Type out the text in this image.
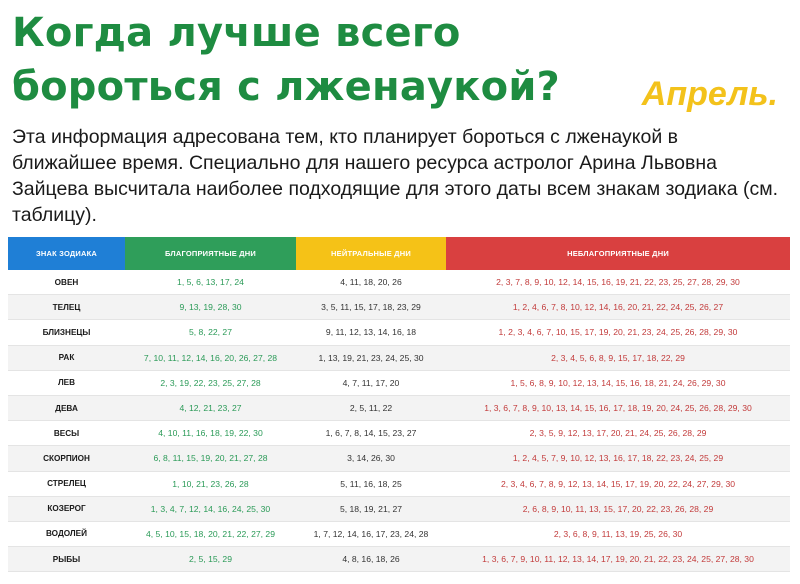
Когда лучше всего бороться с лженаукой?	Апрель.

Эта информация адресована тем, кто планирует бороться с лженаукой в ближайшее время. Специально для нашего ресурса астролог Арина Львовна Зайцева высчитала наиболее подходящие для этого даты всем знакам зодиака (см. таблицу).

ЗНАК ЗОДИАКА	БЛАГОПРИЯТНЫЕ ДНИ	НЕЙТРАЛЬНЫЕ ДНИ	НЕБЛАГОПРИЯТНЫЕ ДНИ
ОВЕН	1, 5, 6, 13, 17, 24	4, 11, 18, 20, 26	2, 3, 7, 8, 9, 10, 12, 14, 15, 16, 19, 21, 22, 23, 25, 27, 28, 29, 30
ТЕЛЕЦ	9, 13, 19, 28, 30	3, 5, 11, 15, 17, 18, 23, 29	1, 2, 4, 6, 7, 8, 10, 12, 14, 16, 20, 21, 22, 24, 25, 26, 27
БЛИЗНЕЦЫ	5, 8, 22, 27	9, 11, 12, 13, 14, 16, 18	1, 2, 3, 4, 6, 7, 10, 15, 17, 19, 20, 21, 23, 24, 25, 26, 28, 29, 30
РАК	7, 10, 11, 12, 14, 16, 20, 26, 27, 28	1, 13, 19, 21, 23, 24, 25, 30	2, 3, 4, 5, 6, 8, 9, 15, 17, 18, 22, 29
ЛЕВ	2, 3, 19, 22, 23, 25, 27, 28	4, 7, 11, 17, 20	1, 5, 6, 8, 9, 10, 12, 13, 14, 15, 16, 18, 21, 24, 26, 29, 30
ДЕВА	4, 12, 21, 23, 27	2, 5, 11, 22	1, 3, 6, 7, 8, 9, 10, 13, 14, 15, 16, 17, 18, 19, 20, 24, 25, 26, 28, 29, 30
ВЕСЫ	4, 10, 11, 16, 18, 19, 22, 30	1, 6, 7, 8, 14, 15, 23, 27	2, 3, 5, 9, 12, 13, 17, 20, 21, 24, 25, 26, 28, 29
СКОРПИОН	6, 8, 11, 15, 19, 20, 21, 27, 28	3, 14, 26, 30	1, 2, 4, 5, 7, 9, 10, 12, 13, 16, 17, 18, 22, 23, 24, 25, 29
СТРЕЛЕЦ	1, 10, 21, 23, 26, 28	5, 11, 16, 18, 25	2, 3, 4, 6, 7, 8, 9, 12, 13, 14, 15, 17, 19, 20, 22, 24, 27, 29, 30
КОЗЕРОГ	1, 3, 4, 7, 12, 14, 16, 24, 25, 30	5, 18, 19, 21, 27	2, 6, 8, 9, 10, 11, 13, 15, 17, 20, 22, 23, 26, 28, 29
ВОДОЛЕЙ	4, 5, 10, 15, 18, 20, 21, 22, 27, 29	1, 7, 12, 14, 16, 17, 23, 24, 28	2, 3, 6, 8, 9, 11, 13, 19, 25, 26, 30
РЫБЫ	2, 5, 15, 29	4, 8, 16, 18, 26	1, 3, 6, 7, 9, 10, 11, 12, 13, 14, 17, 19, 20, 21, 22, 23, 24, 25, 27, 28, 30
